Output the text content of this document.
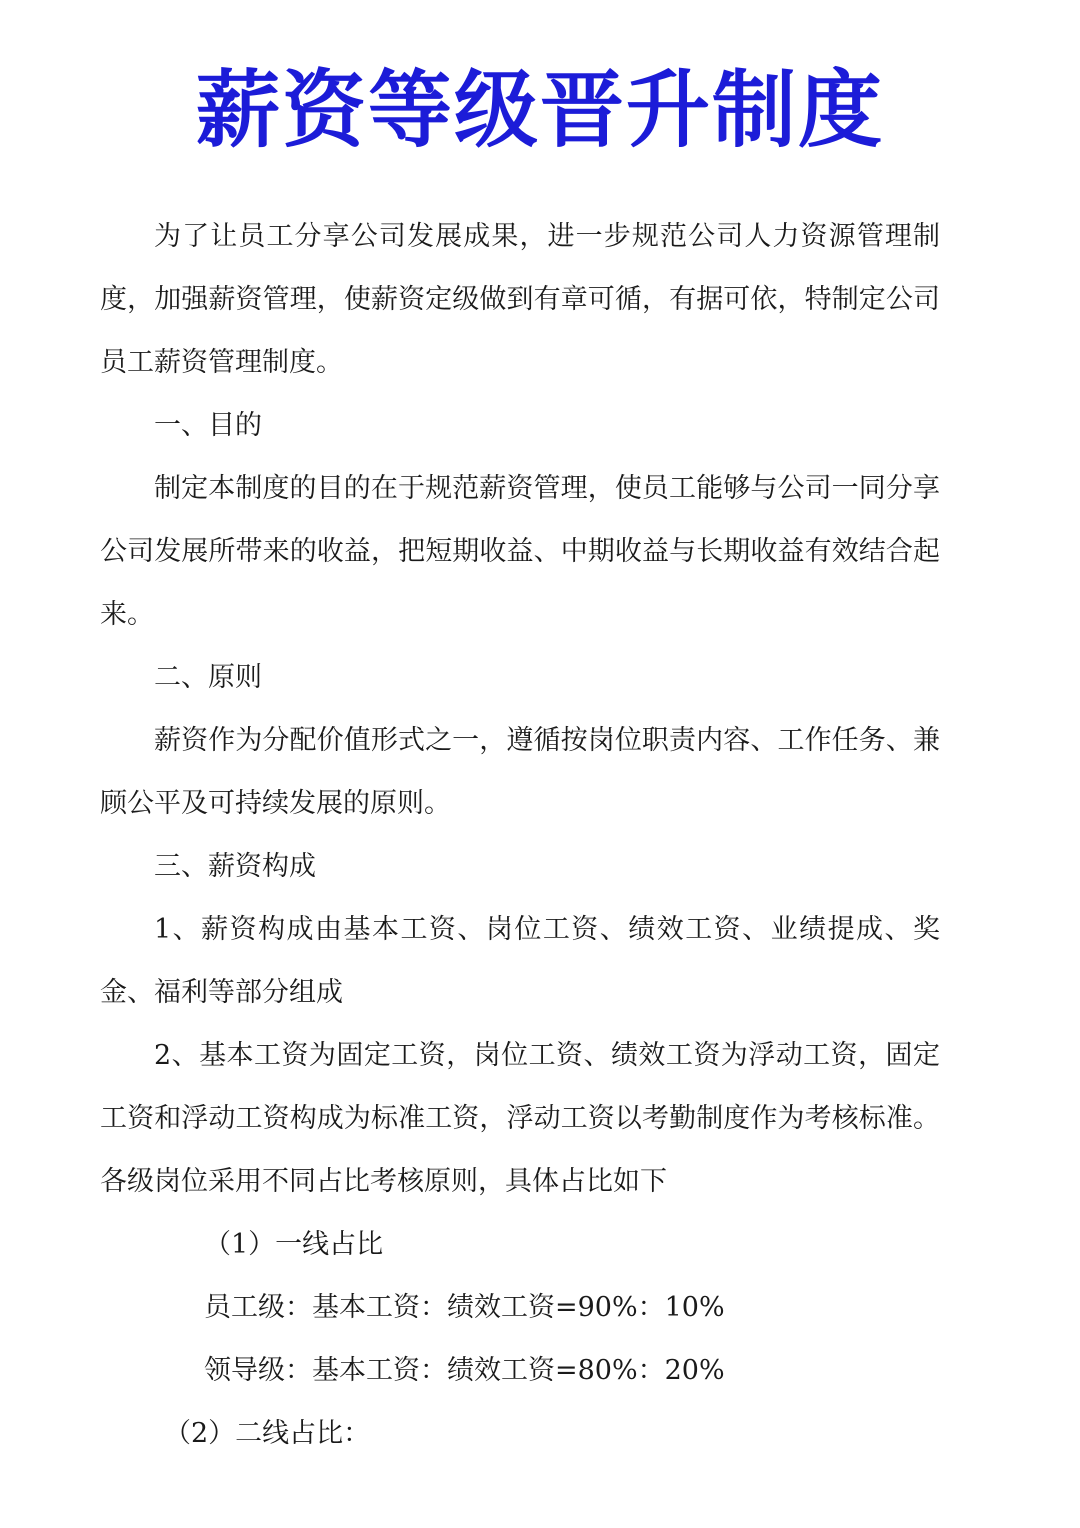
薪资等级晋升制度

为了让员工分享公司发展成果，进一步规范公司人力资源管理制度，加强薪资管理，使薪资定级做到有章可循，有据可依，特制定公司员工薪资管理制度。

一、目的

制定本制度的目的在于规范薪资管理，使员工能够与公司一同分享公司发展所带来的收益，把短期收益、中期收益与长期收益有效结合起来。

二、原则

薪资作为分配价值形式之一，遵循按岗位职责内容、工作任务、兼顾公平及可持续发展的原则。

三、薪资构成

1、薪资构成由基本工资、岗位工资、绩效工资、业绩提成、奖金、福利等部分组成

2、基本工资为固定工资，岗位工资、绩效工资为浮动工资，固定工资和浮动工资构成为标准工资，浮动工资以考勤制度作为考核标准。各级岗位采用不同占比考核原则，具体占比如下

（1）一线占比

员工级：基本工资：绩效工资=90%：10%

领导级：基本工资：绩效工资=80%：20%

（2）二线占比：
